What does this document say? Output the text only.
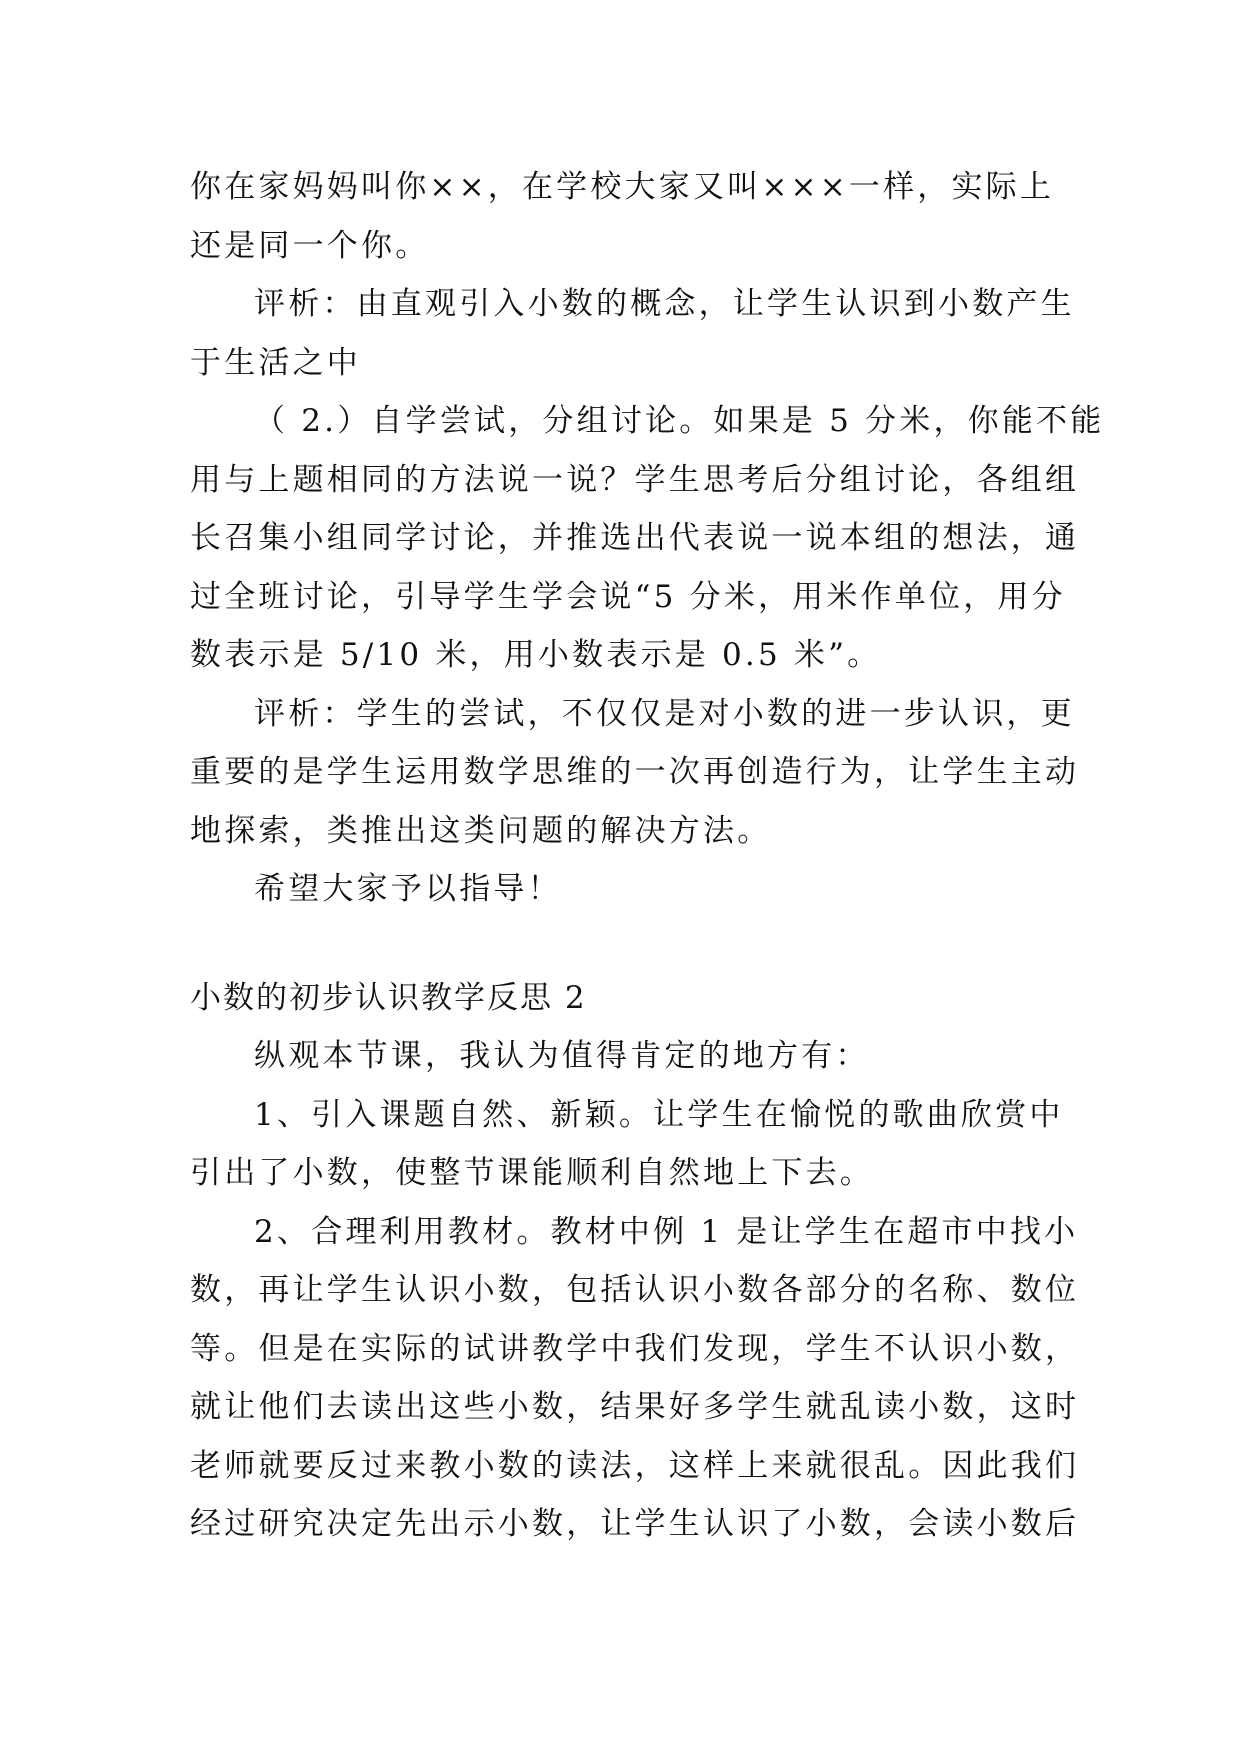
你在家妈妈叫你××，在学校大家又叫×××一样，实际上
还是同一个你。
评析：由直观引入小数的概念，让学生认识到小数产生
于生活之中
（ 2.）自学尝试，分组讨论。如果是 5 分米，你能不能
用与上题相同的方法说一说？学生思考后分组讨论，各组组
长召集小组同学讨论，并推选出代表说一说本组的想法，通
过全班讨论，引导学生学会说“5 分米，用米作单位，用分
数表示是 5/10 米，用小数表示是 0.5 米”。
评析：学生的尝试，不仅仅是对小数的进一步认识，更
重要的是学生运用数学思维的一次再创造行为，让学生主动
地探索，类推出这类问题的解决方法。
希望大家予以指导！
小数的初步认识教学反思 2
纵观本节课，我认为值得肯定的地方有：
1、引入课题自然、新颖。让学生在愉悦的歌曲欣赏中
引出了小数，使整节课能顺利自然地上下去。
2、合理利用教材。教材中例 1 是让学生在超市中找小
数，再让学生认识小数，包括认识小数各部分的名称、数位
等。但是在实际的试讲教学中我们发现，学生不认识小数，
就让他们去读出这些小数，结果好多学生就乱读小数，这时
老师就要反过来教小数的读法，这样上来就很乱。因此我们
经过研究决定先出示小数，让学生认识了小数，会读小数后
